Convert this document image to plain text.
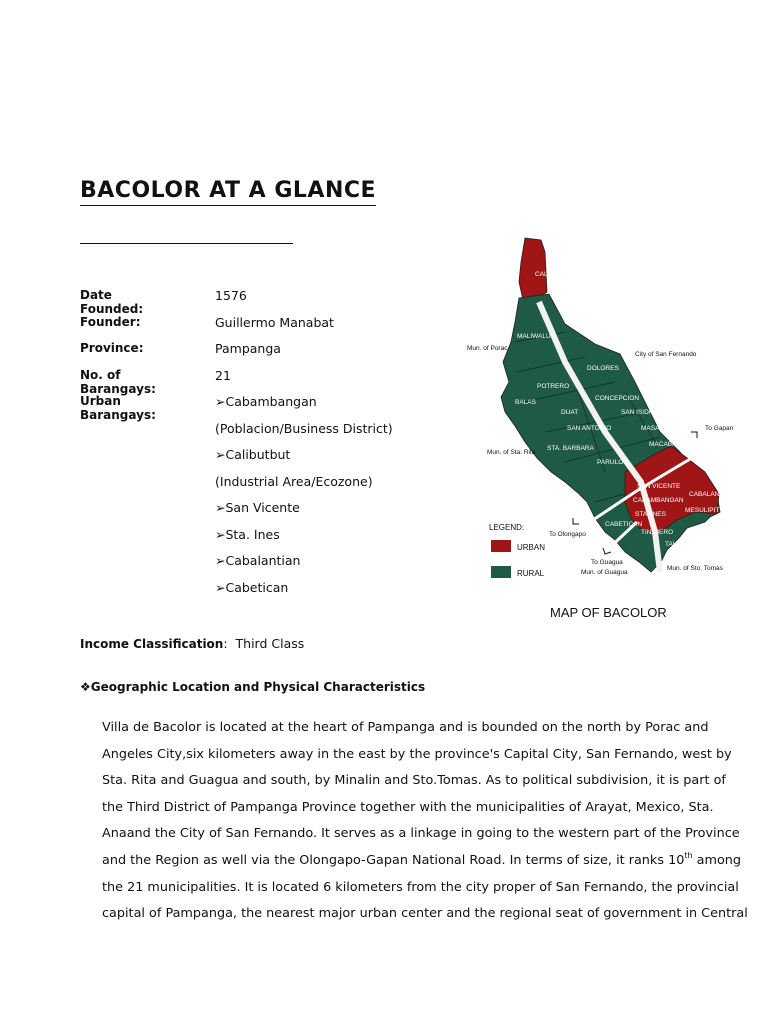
BACOLOR AT A GLANCE
Date Founded:
1576
Founder:	Guillermo Manabat
Province:	Pampanga
No. of Barangays:
21
Urban Barangays:
➢Cabambangan
(Poblacion/Business District)
➢Calibutbut
(Industrial Area/Ecozone)
➢San Vicente
➢Sta. Ines
➢Cabalantian
➢Cabetican
Income Classification: Third Class
❖Geographic Location and Physical Characteristics
Villa de Bacolor is located at the heart of Pampanga and is bounded on the north by Porac and
Angeles City,six kilometers away in the east by the province's Capital City, San Fernando, west by
Sta. Rita and Guagua and south, by Minalin and Sto.Tomas. As to political subdivision, it is part of
the Third District of Pampanga Province together with the municipalities of Arayat, Mexico, Sta.
Anaand the City of San Fernando. It serves as a linkage in going to the western part of the Province
and the Region as well via the Olongapo-Gapan National Road. In terms of size, it ranks 10th among
the 21 municipalities. It is located 6 kilometers from the city proper of San Fernando, the provincial
capital of Pampanga, the nearest major urban center and the regional seat of government in Central
CALIBUTBUT
MALIWALU
DOLORES
POTRERO
CONCEPCION
BALAS
DUAT	SAN ISIDRO
SAN ANTONIO	MASAMSAN
MACABACLE
STA. BARBARA
PARULOG
SAN VICENTE
CABALANTIAN
CABAMBANGAN
MESULIPIT
STA. INES
CABETICAN
TINAJERO
TALBA
Mun. of Porac
City of San Fernando
To Gapan
Mun. of Sta. Rita
To Olongapo
To Guagua
Mun. of Guagua
Mun. of Sto. Tomas
LEGEND:
URBAN
RURAL
MAP OF BACOLOR
